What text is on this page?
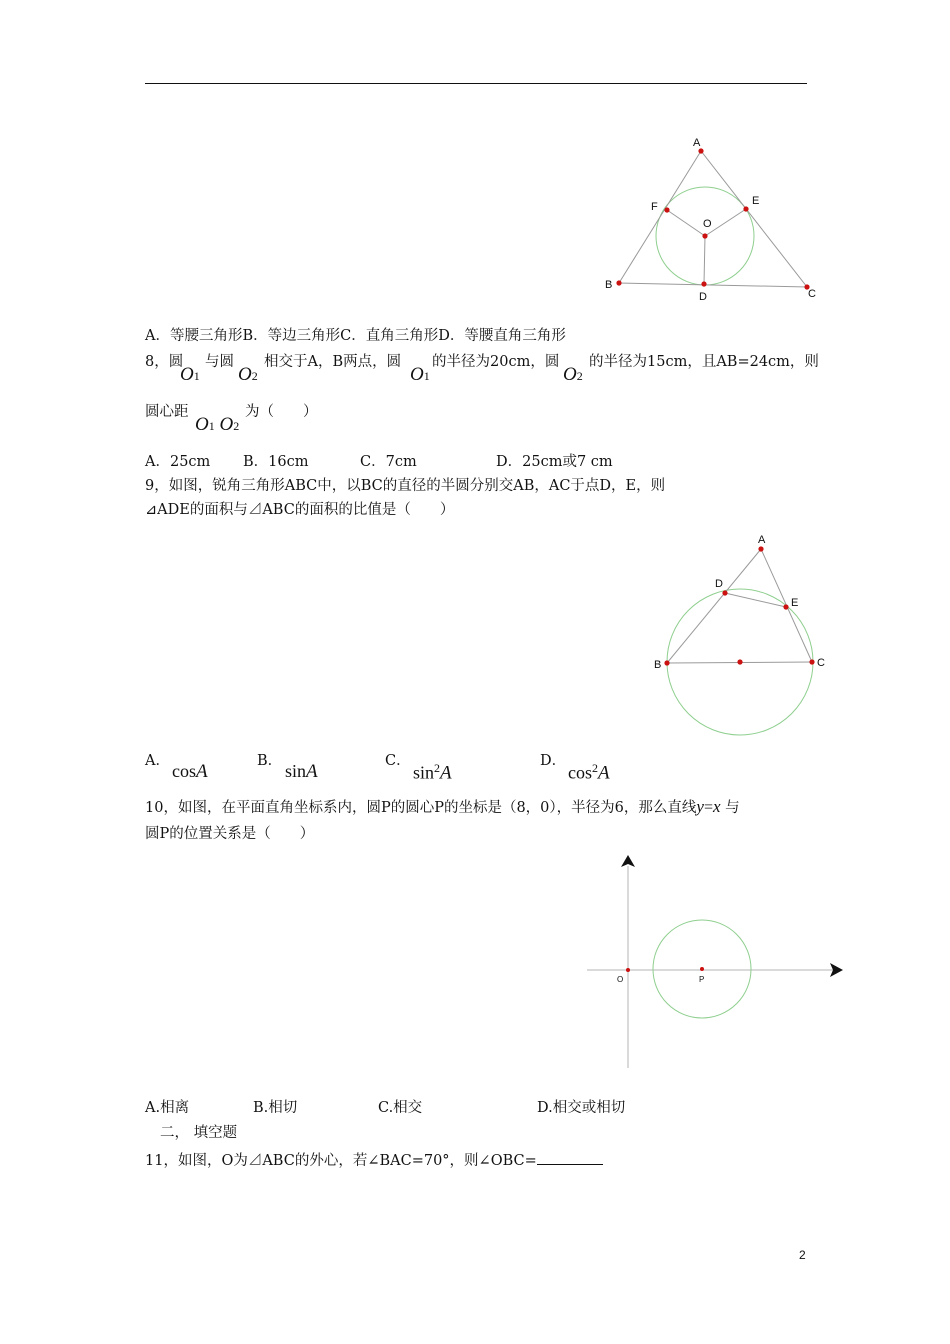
A
B
C
D
E
F
O
A．等腰三角形B．等边三角形C．直角三角形D．等腰直角三角形
8，圆
O1
与圆
O2
相交于A，B两点，圆
O1
的半径为20cm，圆
O2
的半径为15cm，且AB=24cm，则
圆心距
O1 O2
为（　　）
A．25cm B．16cm	C．7cm	D．25cm或7 cm
9，如图，锐角三角形ABC中，以BC的直径的半圆分别交AB，AC于点D，E，则
⊿ADE的面积与⊿ABC的面积的比值是（　　）
A
B	C
D
E
A． cosA	B． sinA	C．
$\sin^2A$
D．
$\cos^2A$
10，如图，在平面直角坐标系内，圆P的圆心P的坐标是（8，0），半径为6，那么直线y=x 与
圆P的位置关系是（　　）
O	P
A.相离	B.相切	C.相交	D.相交或相切
二， 填空题
11，如图，O为⊿ABC的外心，若∠BAC=70°，则∠OBC=
2
